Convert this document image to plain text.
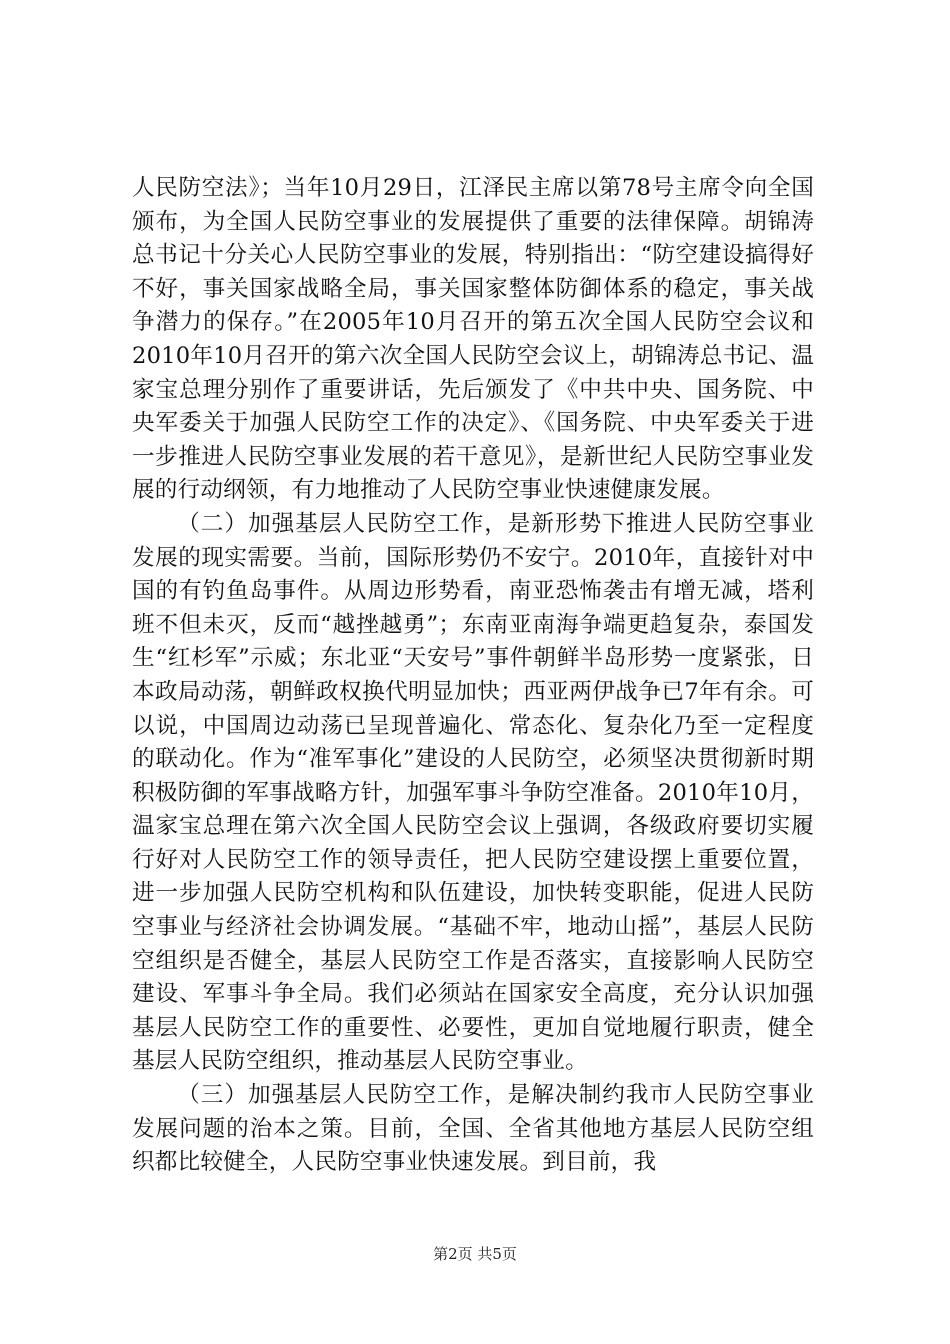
人民防空法》；当年10月29日，江泽民主席以第78号主席令向全国颁布，为全国人民防空事业的发展提供了重要的法律保障。胡锦涛总书记十分关心人民防空事业的发展，特别指出：“防空建设搞得好不好，事关国家战略全局，事关国家整体防御体系的稳定，事关战争潜力的保存。”在2005年10月召开的第五次全国人民防空会议和2010年10月召开的第六次全国人民防空会议上，胡锦涛总书记、温家宝总理分别作了重要讲话，先后颁发了《中共中央、国务院、中央军委关于加强人民防空工作的决定》、《国务院、中央军委关于进一步推进人民防空事业发展的若干意见》，是新世纪人民防空事业发展的行动纲领，有力地推动了人民防空事业快速健康发展。

（二）加强基层人民防空工作，是新形势下推进人民防空事业发展的现实需要。当前，国际形势仍不安宁。2010年，直接针对中国的有钓鱼岛事件。从周边形势看，南亚恐怖袭击有增无减，塔利班不但未灭，反而“越挫越勇”；东南亚南海争端更趋复杂，泰国发生“红杉军”示威；东北亚“天安号”事件朝鲜半岛形势一度紧张，日本政局动荡，朝鲜政权换代明显加快；西亚两伊战争已7年有余。可以说，中国周边动荡已呈现普遍化、常态化、复杂化乃至一定程度的联动化。作为“准军事化”建设的人民防空，必须坚决贯彻新时期积极防御的军事战略方针，加强军事斗争防空准备。2010年10月，温家宝总理在第六次全国人民防空会议上强调，各级政府要切实履行好对人民防空工作的领导责任，把人民防空建设摆上重要位置，进一步加强人民防空机构和队伍建设，加快转变职能，促进人民防空事业与经济社会协调发展。“基础不牢，地动山摇”，基层人民防空组织是否健全，基层人民防空工作是否落实，直接影响人民防空建设、军事斗争全局。我们必须站在国家安全高度，充分认识加强基层人民防空工作的重要性、必要性，更加自觉地履行职责，健全基层人民防空组织，推动基层人民防空事业。

（三）加强基层人民防空工作，是解决制约我市人民防空事业发展问题的治本之策。目前，全国、全省其他地方基层人民防空组织都比较健全，人民防空事业快速发展。到目前，我

第2页 共5页
